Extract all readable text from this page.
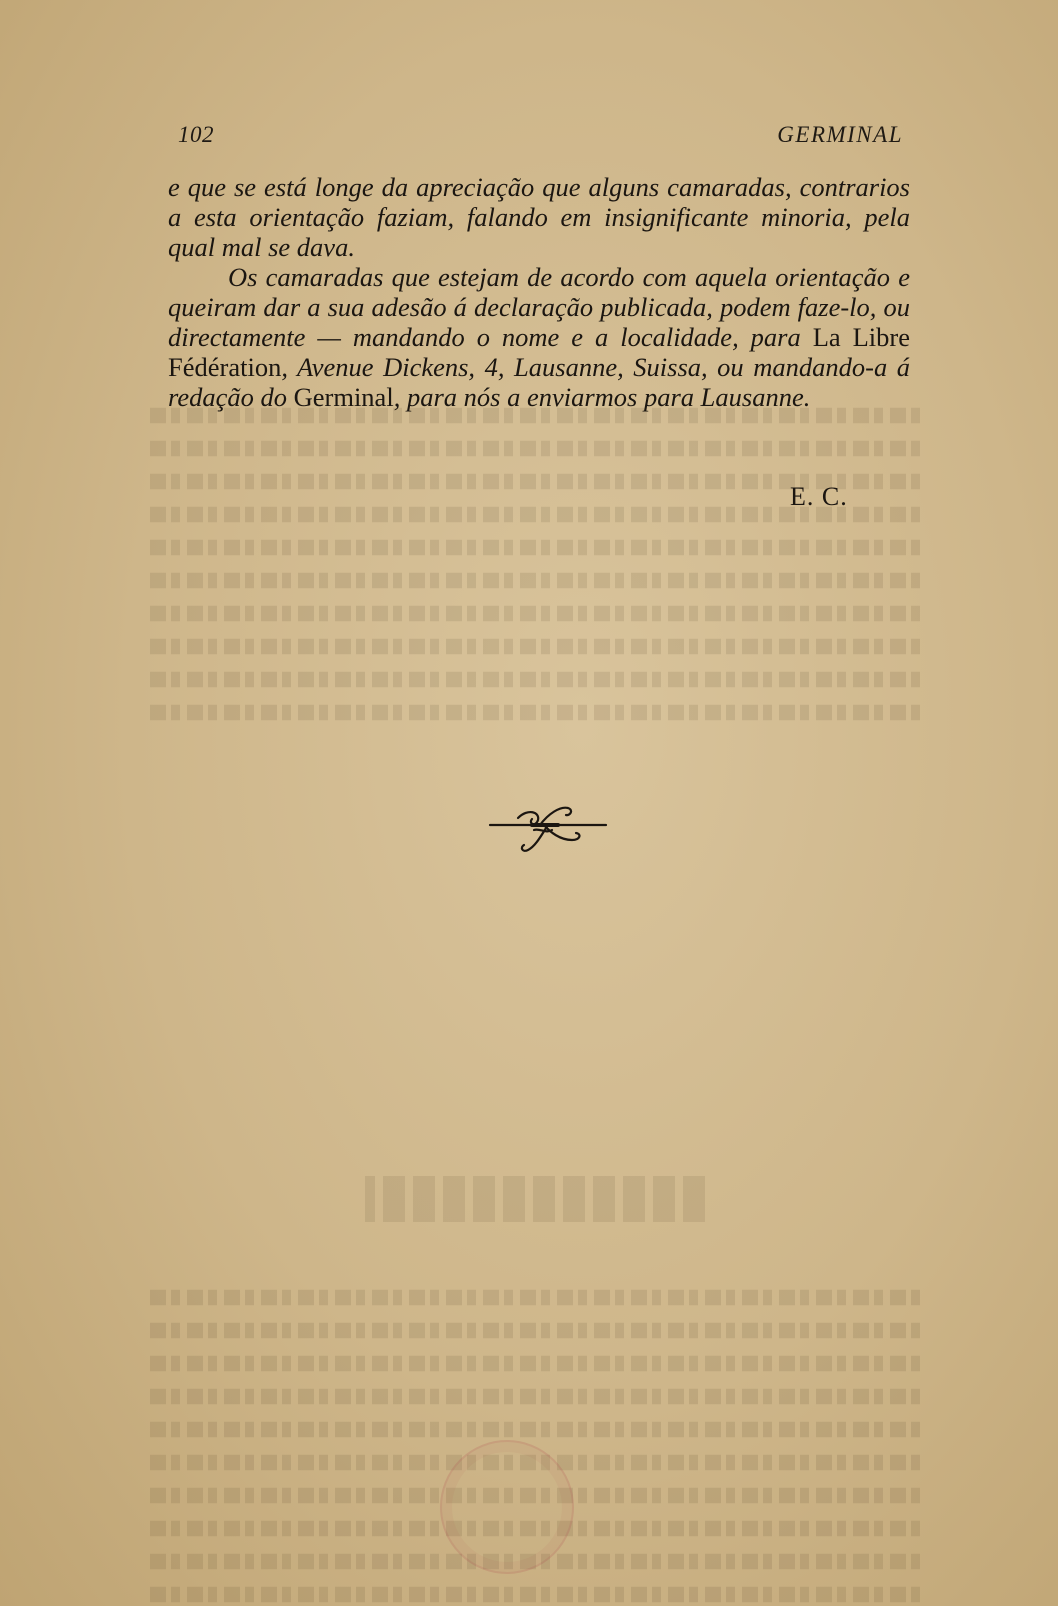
102	GERMINAL

e que se está longe da apreciação que alguns camaradas, contrarios a esta orientação faziam, falando em insignificante minoria, pela qual mal se dava.

Os camaradas que estejam de acordo com aquela orientação e queiram dar a sua adesão á declaração publicada, podem faze-lo, ou directamente — mandando o nome e a localidade, para La Libre Fédération, Avenue Dickens, 4, Lausanne, Suissa, ou mandando-a á redação do Germinal, para nós a enviarmos para Lausanne.

E. C.
